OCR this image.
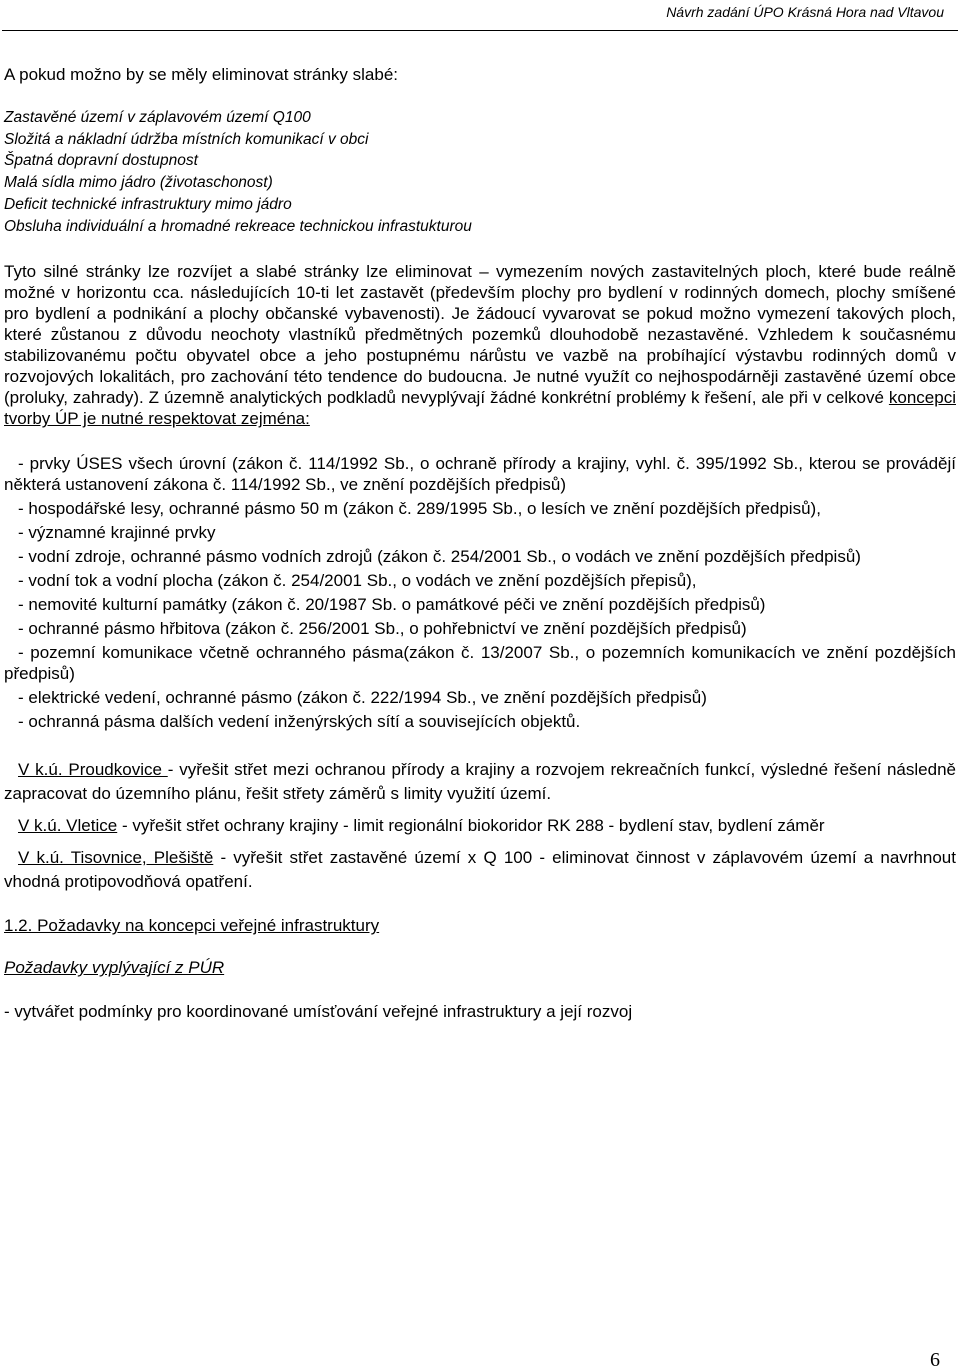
Návrh zadání ÚPO Krásná Hora nad Vltavou

A pokud možno by se měly eliminovat stránky slabé:

Zastavěné území v záplavovém území Q100
Složitá a nákladní údržba místních komunikací v obci
Špatná dopravní dostupnost
Malá sídla mimo jádro (životaschonost)
Deficit technické infrastruktury mimo jádro
Obsluha individuální a hromadné rekreace technickou infrastukturou

Tyto silné stránky lze rozvíjet a slabé stránky lze eliminovat – vymezením nových zastavitelných ploch, které bude reálně možné v horizontu cca. následujících 10-ti let zastavět (především plochy pro bydlení v rodinných domech, plochy smíšené pro bydlení a podnikání a plochy občanské vybavenosti). Je žádoucí vyvarovat se pokud možno vymezení takových ploch, které zůstanou z důvodu neochoty vlastníků předmětných pozemků dlouhodobě nezastavěné. Vzhledem k současnému stabilizovanému počtu obyvatel obce a jeho postupnému nárůstu ve vazbě na probíhající výstavbu rodinných domů v rozvojových lokalitách, pro zachování této tendence do budoucna. Je nutné využít co nejhospodárněji zastavěné území obce (proluky, zahrady). Z územně analytických podkladů nevyplývají žádné konkrétní problémy k řešení, ale při v celkové koncepci tvorby ÚP je nutné respektovat zejména:

- prvky ÚSES všech úrovní (zákon č. 114/1992 Sb., o ochraně přírody a krajiny, vyhl. č. 395/1992 Sb., kterou se provádějí některá ustanovení zákona č. 114/1992 Sb., ve znění pozdějších předpisů)

- hospodářské lesy, ochranné pásmo 50 m (zákon č. 289/1995 Sb., o lesích ve znění pozdějších předpisů),

- významné krajinné prvky

- vodní zdroje, ochranné pásmo vodních zdrojů (zákon č. 254/2001 Sb., o vodách ve znění pozdějších předpisů)

- vodní tok a vodní plocha (zákon č. 254/2001 Sb., o vodách ve znění pozdějších přepisů),

- nemovité kulturní památky (zákon č. 20/1987 Sb. o památkové péči ve znění pozdějších předpisů)

- ochranné pásmo hřbitova (zákon č. 256/2001 Sb., o pohřebnictví ve znění pozdějších předpisů)

- pozemní komunikace včetně ochranného pásma(zákon č. 13/2007 Sb., o pozemních komunikacích ve znění pozdějších předpisů)

- elektrické vedení, ochranné pásmo (zákon č. 222/1994 Sb., ve znění pozdějších předpisů)

- ochranná pásma dalších vedení inženýrských sítí a souvisejících objektů.

V k.ú. Proudkovice - vyřešit střet mezi ochranou přírody a krajiny a rozvojem rekreačních funkcí, výsledné řešení následně zapracovat do územního plánu, řešit střety záměrů s limity využití území.

V k.ú. Vletice - vyřešit střet ochrany krajiny - limit regionální biokoridor RK 288 - bydlení stav, bydlení záměr

V k.ú. Tisovnice, Plešiště - vyřešit střet zastavěné území x Q 100 - eliminovat činnost v záplavovém území a navrhnout vhodná protipovodňová opatření.

1.2. Požadavky na koncepci veřejné infrastruktury
Požadavky vyplývající z PÚR
- vytvářet podmínky pro koordinované umísťování veřejné infrastruktury a její rozvoj
6
